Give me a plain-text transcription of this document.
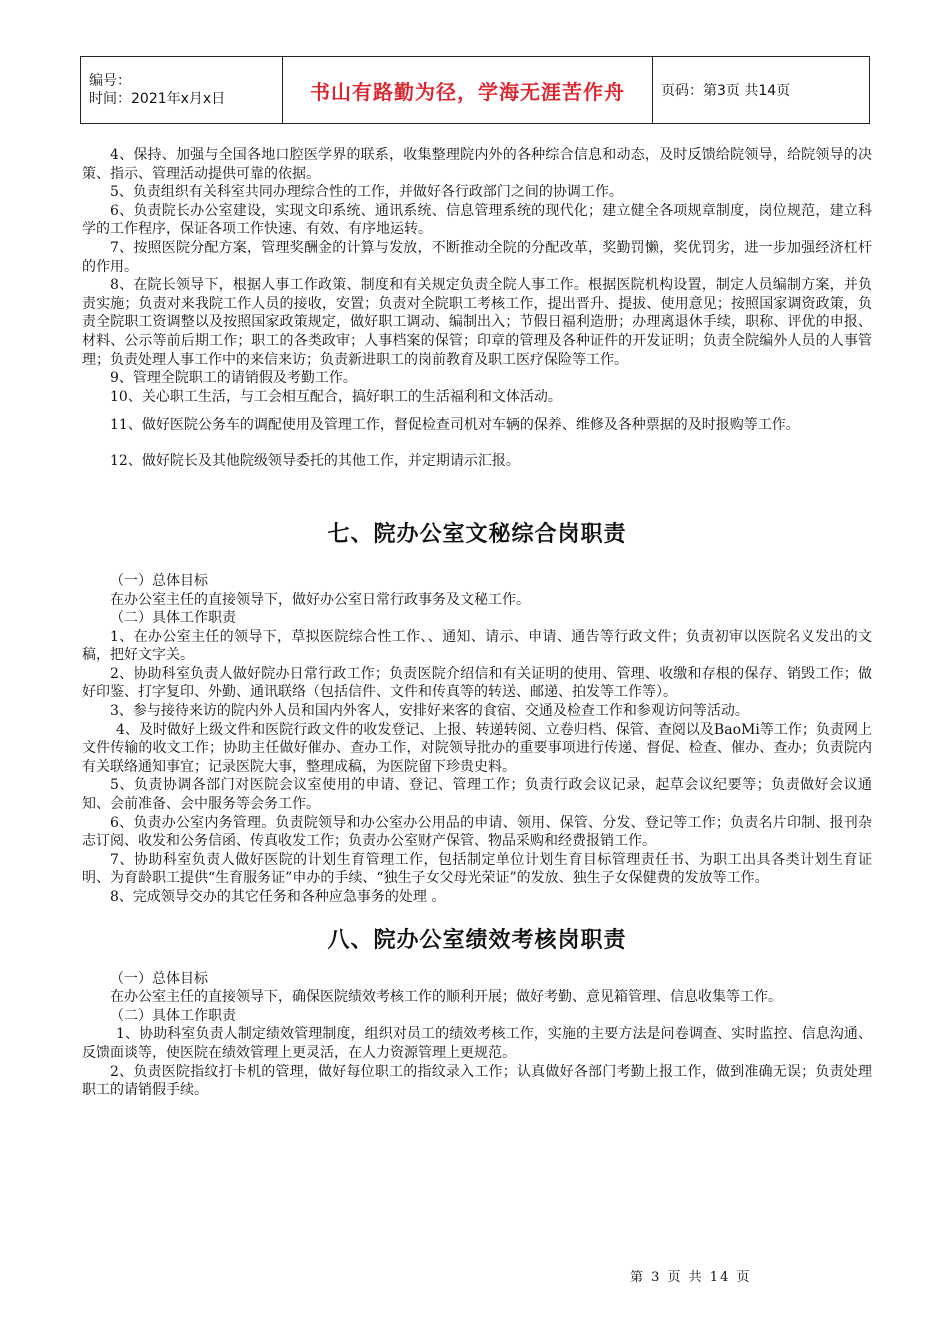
编号：
时间：2021年x月x日	书山有路勤为径，学海无涯苦作舟	页码：第3页 共14页

4、保持、加强与全国各地口腔医学界的联系，收集整理院内外的各种综合信息和动态，及时反馈给院领导，给院领导的决策、指示、管理活动提供可靠的依据。

5、负责组织有关科室共同办理综合性的工作，并做好各行政部门之间的协调工作。

6、负责院长办公室建设，实现文印系统、通讯系统、信息管理系统的现代化；建立健全各项规章制度，岗位规范，建立科学的工作程序，保证各项工作快速、有效、有序地运转。

7、按照医院分配方案，管理奖酬金的计算与发放，不断推动全院的分配改革，奖勤罚懒，奖优罚劣，进一步加强经济杠杆的作用。

8、在院长领导下，根据人事工作政策、制度和有关规定负责全院人事工作。根据医院机构设置，制定人员编制方案，并负责实施；负责对来我院工作人员的接收，安置；负责对全院职工考核工作，提出晋升、提拔、使用意见；按照国家调资政策，负责全院职工资调整以及按照国家政策规定，做好职工调动、编制出入；节假日福利造册；办理离退休手续，职称、评优的申报、材料、公示等前后期工作；职工的各类政审；人事档案的保管；印章的管理及各种证件的开发证明；负责全院编外人员的人事管理；负责处理人事工作中的来信来访；负责新进职工的岗前教育及职工医疗保险等工作。

9、管理全院职工的请销假及考勤工作。

10、关心职工生活，与工会相互配合，搞好职工的生活福利和文体活动。

11、做好医院公务车的调配使用及管理工作，督促检查司机对车辆的保养、维修及各种票据的及时报购等工作。

12、做好院长及其他院级领导委托的其他工作，并定期请示汇报。

七、院办公室文秘综合岗职责

（一）总体目标

在办公室主任的直接领导下，做好办公室日常行政事务及文秘工作。

（二）具体工作职责

1、在办公室主任的领导下，草拟医院综合性工作、、通知、请示、申请、通告等行政文件；负责初审以医院名义发出的文稿，把好文字关。

2、协助科室负责人做好院办日常行政工作；负责医院介绍信和有关证明的使用、管理、收缴和存根的保存、销毁工作；做好印鉴、打字复印、外勤、通讯联络（包括信件、文件和传真等的转送、邮递、拍发等工作等）。

3、参与接待来访的院内外人员和国内外客人，安排好来客的食宿、交通及检查工作和参观访问等活动。

4、及时做好上级文件和医院行政文件的收发登记、上报、转递转阅、立卷归档、保管、查阅以及BaoMi等工作；负责网上文件传输的收文工作；协助主任做好催办、查办工作，对院领导批办的重要事项进行传递、督促、检查、催办、查办；负责院内有关联络通知事宜；记录医院大事，整理成稿，为医院留下珍贵史料。

5、负责协调各部门对医院会议室使用的申请、登记、管理工作；负责行政会议记录，起草会议纪要等；负责做好会议通知、会前准备、会中服务等会务工作。

6、负责办公室内务管理。负责院领导和办公室办公用品的申请、领用、保管、分发、登记等工作；负责名片印制、报刊杂志订阅、收发和公务信函、传真收发工作；负责办公室财产保管、物品采购和经费报销工作。

7、协助科室负责人做好医院的计划生育管理工作，包括制定单位计划生育目标管理责任书、为职工出具各类计划生育证明、为育龄职工提供“生育服务证”申办的手续、“独生子女父母光荣证”的发放、独生子女保健费的发放等工作。

8、完成领导交办的其它任务和各种应急事务的处理 。

八、院办公室绩效考核岗职责

（一）总体目标

在办公室主任的直接领导下，确保医院绩效考核工作的顺利开展；做好考勤、意见箱管理、信息收集等工作。

（二）具体工作职责

1、协助科室负责人制定绩效管理制度，组织对员工的绩效考核工作，实施的主要方法是问卷调查、实时监控、信息沟通、反馈面谈等，使医院在绩效管理上更灵活，在人力资源管理上更规范。

2、负责医院指纹打卡机的管理，做好每位职工的指纹录入工作；认真做好各部门考勤上报工作，做到准确无误；负责处理职工的请销假手续。

第 3 页 共 14 页
